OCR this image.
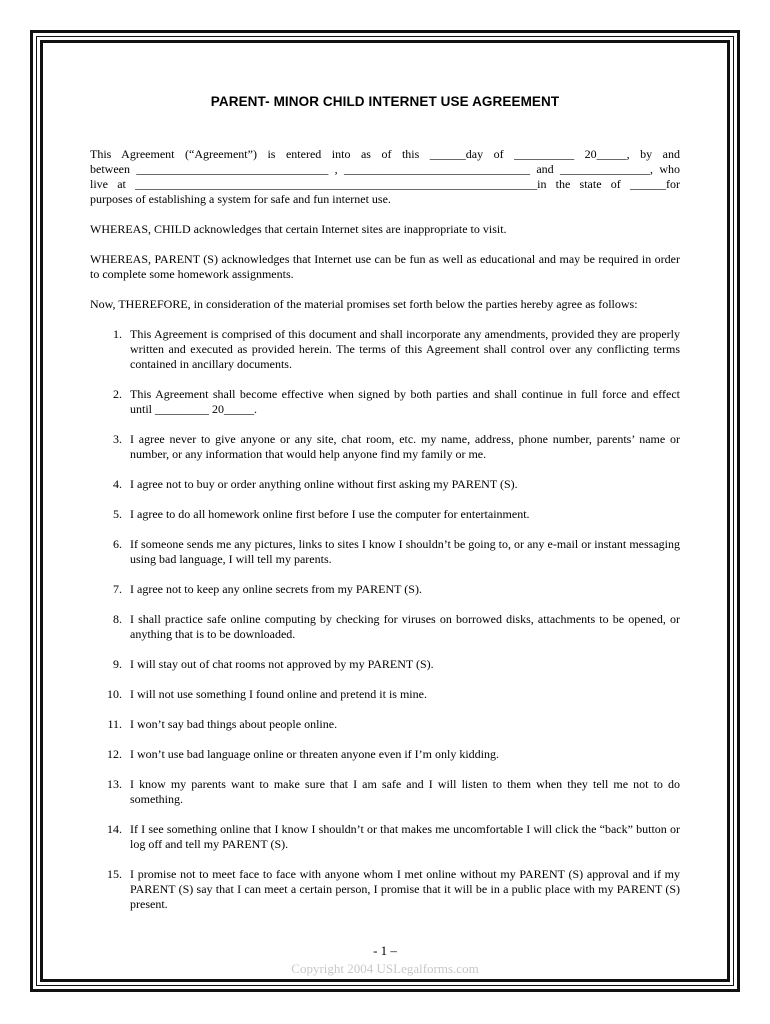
PARENT- MINOR CHILD INTERNET USE AGREEMENT
This Agreement (“Agreement”) is entered into as of this ______day of __________ 20_____, by and
between ________________________________ , _______________________________ and _______________, who
live at ___________________________________________________________________in the state of ______for
purposes of establishing a system for safe and fun internet use.

WHEREAS, CHILD acknowledges that certain Internet sites are inappropriate to visit.

WHEREAS, PARENT (S) acknowledges that Internet use can be fun as well as educational and may be required in order to complete some homework assignments.

Now, THEREFORE, in consideration of the material promises set forth below the parties hereby agree as follows:

1. This Agreement is comprised of this document and shall incorporate any amendments, provided they are properly written and executed as provided herein. The terms of this Agreement shall control over any conflicting terms contained in ancillary documents.
2. This Agreement shall become effective when signed by both parties and shall continue in full force and effect until _________ 20_____.
3. I agree never to give anyone or any site, chat room, etc. my name, address, phone number, parents’ name or number, or any information that would help anyone find my family or me.
4. I agree not to buy or order anything online without first asking my PARENT (S).
5. I agree to do all homework online first before I use the computer for entertainment.
6. If someone sends me any pictures, links to sites I know I shouldn’t be going to, or any e-mail or instant messaging using bad language, I will tell my parents.
7. I agree not to keep any online secrets from my PARENT (S).
8. I shall practice safe online computing by checking for viruses on borrowed disks, attachments to be opened, or anything that is to be downloaded.
9. I will stay out of chat rooms not approved by my PARENT (S).
10. I will not use something I found online and pretend it is mine.
11. I won’t say bad things about people online.
12. I won’t use bad language online or threaten anyone even if I’m only kidding.
13. I know my parents want to make sure that I am safe and I will listen to them when they tell me not to do something.
14. If I see something online that I know I shouldn’t or that makes me uncomfortable I will click the “back” button or log off and tell my PARENT (S).
15. I promise not to meet face to face with anyone whom I met online without my PARENT (S) approval and if my PARENT (S) say that I can meet a certain person, I promise that it will be in a public place with my PARENT (S) present.
- 1 –
Copyright 2004 USLegalforms.com
